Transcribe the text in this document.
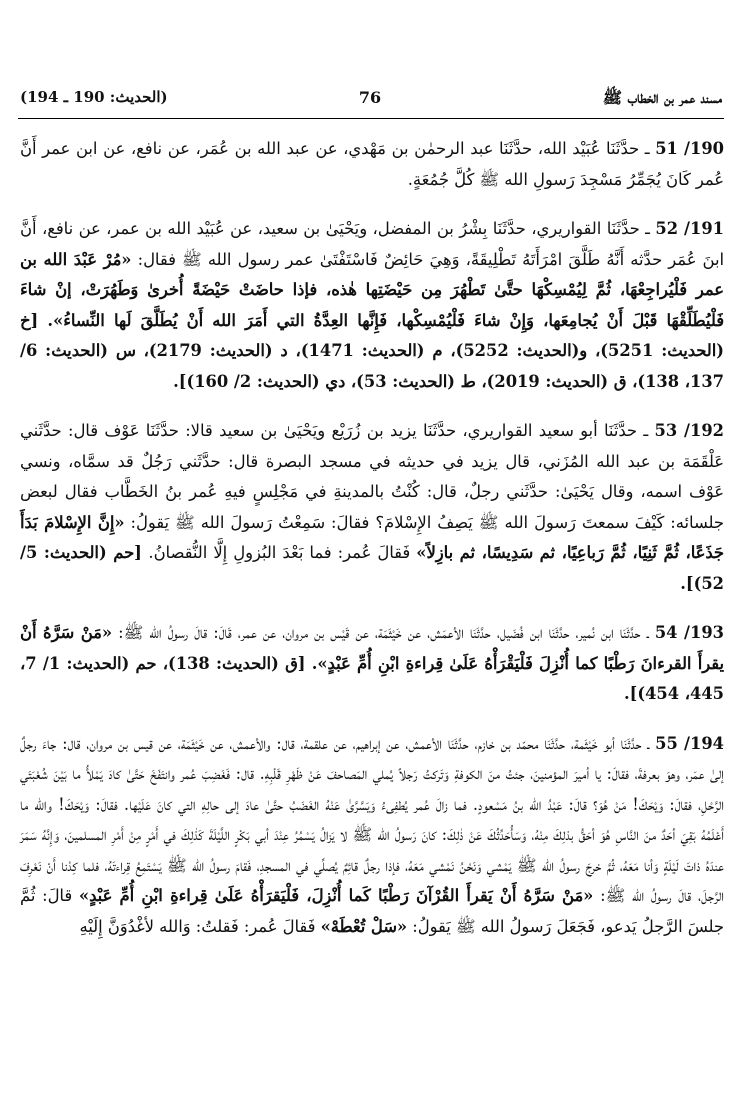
مسند عمر بن الخطاب ﷺ
76
(الحديث: 190 ـ 194)

190/ 51 ـ حدَّثَنَا عُبَيْد الله، حدَّثَنَا عبد الرحمٰن بن مَهْدي، عن عبد الله بن عُمَر، عن نافع، عن ابن عمر أَنَّ عُمر كَانَ يُجَمِّرُ مَسْجِدَ رَسولِ الله ﷺ كُلَّ جُمُعَةٍ.

191/ 52 ـ حدَّثَنَا القواريري، حدَّثَنَا بِشْرُ بن المفضل، ويَحْيَىٰ بن سعيد، عن عُبَيْد الله بن عمر، عن نافع، أَنَّ ابنَ عُمَر حدَّثه أَنَّهُ طَلَّقَ امْرَأَتَهُ تَطْلِيقَةً، وَهِيَ حَائِضٌ فَاسْتَفْتَىٰ عمر رسول الله ﷺ فقال: «مُرْ عَبْدَ الله بن عمر فَلْيُراجِعْهَا، ثُمَّ لِيُمْسِكْهَا حتَّىٰ تَطْهُرَ مِن حَيْضَتِها هٰذه، فإذا حاضَتْ حَيْضَةً أُخرىٰ وَطَهُرَتْ، إنْ شاءَ فَلْيُطَلِّقْهَا قَبْلَ أَنْ يُجامِعَها، وَإِنْ شاءَ فَلْيُمْسِكْها، فَإِنَّها العِدَّةُ التي أَمَرَ الله أَنْ يُطَلَّقَ لَها النِّساءُ». [خ (الحديث: 5251)، و(الحديث: 5252)، م (الحديث: 1471)، د (الحديث: 2179)، س (الحديث: 6/ 137، 138)، ق (الحديث: 2019)، ط (الحديث: 53)، دي (الحديث: 2/ 160)].

192/ 53 ـ حدَّثَنَا أبو سعيد القواريري، حدَّثَنَا يزيد بن زُرَيْع ويَحْيَىٰ بن سعيد قالا: حدَّثَنَا عَوْف قال: حدَّثَني عَلْقَمَة بن عبد الله المُزَني، قال يزيد في حديثه في مسجد البصرة قال: حدَّثَني رَجُلٌ قد سمَّاه، ونسي عَوْف اسمه، وقال يَحْيَىٰ: حدَّثَني رجلٌ، قال: كُنْتُ بالمدينةِ في مَجْلِسٍ فيهِ عُمر بنُ الخَطَّاب فقال لبعض جلسائه: كَيْفَ سمعتَ رَسولَ الله ﷺ يَصِفُ الإِسْلامَ؟ فقالَ: سَمِعْتُ رَسولَ الله ﷺ يَقولُ: «إِنَّ الإِسْلامَ بَدَأَ جَذَعًا، ثُمَّ ثَنِيًا، ثُمَّ رَباعِيًا، ثم سَدِيسًا، ثم بازِلاً» فَقالَ عُمر: فما بَعْدَ البُزولِ إِلَّا النُّقصانُ. [حم (الحديث: 5/ 52)].

193/ 54 ـ حدَّثَنَا ابن نُمير، حدَّثَنَا ابن فُضَيل، حدَّثَنَا الأعمَش، عن خَيْثَمَة، عن قَيْس بن مروان، عن عمر، قَالَ: قالَ رسولُ الله ﷺ: «مَنْ سَرَّهُ أَنْ يقرأَ القرءانَ رَطْبًا كما أُنْزِلَ فَلْيَقْرَأْهُ عَلَىٰ قِراءةِ ابْنِ أُمِّ عَبْدٍ». [ق (الحديث: 138)، حم (الحديث: 1/ 7، 445، 454)].

194/ 55 ـ حدَّثَنَا أبو خَيْثَمة، حدَّثَنَا محمّد بن خازم، حدَّثَنَا الأعمش، عن إبراهيم، عن علقمة، قال: والأعمش، عن خَيْثَمَة، عن قيس بن مروان، قال: جاءَ رجلٌ إلىٰ عمَر، وهوَ بعرفةَ، فقالَ: يا أميرَ المؤمنينَ، جئتُ منَ الكوفةِ وَتَركتُ رَجلاً يُملي المَصاحفَ عَنْ ظَهْرِ قَلْبِهِ. قال: فَغَضِبَ عُمر وانتَفَخَ حَتَّىٰ كادَ يَمْلأُ ما بَيْنَ شُعْبَتَي الرَّحْلِ، فقالَ: وَيْحَكَ! مَنْ هُوَ؟ قالَ: عَبْدُ الله بنُ مَسْعودٍ. فما زالَ عُمر يُطفِىءُ وَيَسَّرَّىٰ عَنْهُ الغَضَبُ حتَّىٰ عادَ إلى حالِهِ التي كانَ عَلَيْها. فقالَ: وَيْحَكَ! والله ما أَعْلَمُهُ بَقِيَ أحَدٌ منَ النَّاسِ هُوَ أحَقُّ بذلِكَ مِنْهُ، وَسَأُحَدِّثُكَ عَنْ ذٰلِكَ: كانَ رَسولُ الله ﷺ لا يَزالُ يَسْمُرُ عِنْدَ أبي بَكْرٍ اللَّيْلَةَ كَذٰلِكَ في أَمْرٍ مِنْ أَمْرِ المسلمينَ، وَإِنَّهُ سَمَرَ عندَهُ ذاتَ لَيْلَةٍ وَأنا مَعَهُ، ثُمَّ خرجَ رسولُ الله ﷺ يَمْشي وَنَحْنُ نَمْشي مَعَهُ، فإذا رجلٌ قائِمٌ يُصلِّي في المسجدِ، فَقامَ رسولُ الله ﷺ يَسْتَمِعُ قِراءتَهُ، فلما كِدْنا أَنْ نَعْرِفَ الرَّجلَ، قالَ رسولُ الله ﷺ: «مَنْ سَرَّهُ أَنْ يَقرأَ القُرْآنَ رَطْبًا كَما أُنْزِلَ، فَلْيَقرَأْهُ عَلَىٰ قِراءةِ ابْنِ أُمِّ عَبْدٍ» قالَ: ثُمَّ جلسَ الرَّجلُ يَدعو، فَجَعَلَ رَسولُ الله ﷺ يَقولُ: «سَلْ تُعْطَهْ» فَقالَ عُمر: فَقلتُ: وَالله لأغْدُوَنَّ إِلَيْهِ
